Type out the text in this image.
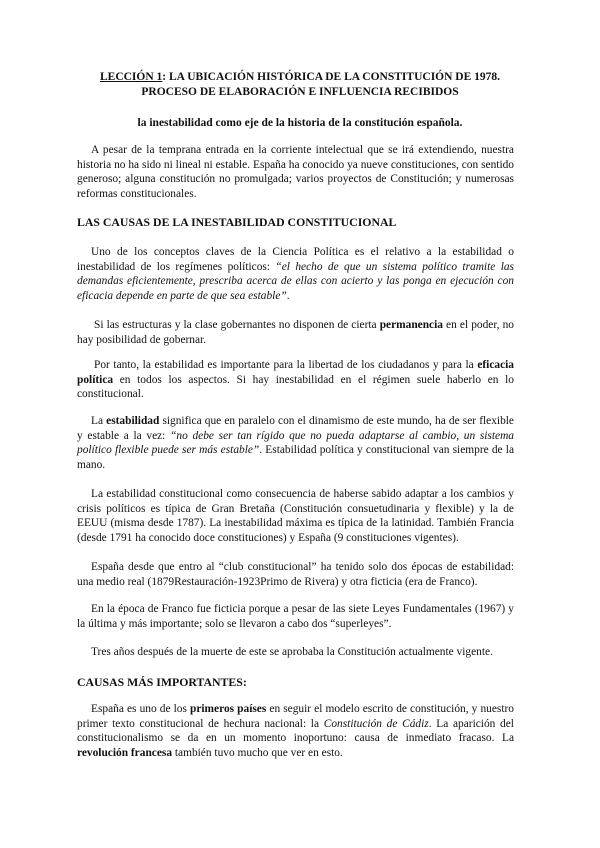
LECCIÓN 1: LA UBICACIÓN HISTÓRICA DE LA CONSTITUCIÓN DE 1978.
PROCESO DE ELABORACIÓN E INFLUENCIA RECIBIDOS
la inestabilidad como eje de la historia de la constitución española.

A pesar de la temprana entrada en la corriente intelectual que se irá extendiendo, nuestra historia no ha sido ni lineal ni estable. España ha conocido ya nueve constituciones, con sentido generoso; alguna constitución no promulgada; varios proyectos de Constitución; y numerosas reformas constitucionales.

LAS CAUSAS DE LA INESTABILIDAD CONSTITUCIONAL

Uno de los conceptos claves de la Ciencia Política es el relativo a la estabilidad o inestabilidad de los regímenes políticos: “el hecho de que un sistema político tramite las demandas eficientemente, prescriba acerca de ellas con acierto y las ponga en ejecución con eficacia depende en parte de que sea estable”.

Si las estructuras y la clase gobernantes no disponen de cierta permanencia en el poder, no hay posibilidad de gobernar.

Por tanto, la estabilidad es importante para la libertad de los ciudadanos y para la eficacia política en todos los aspectos. Si hay inestabilidad en el régimen suele haberlo en lo constitucional.

La estabilidad significa que en paralelo con el dinamismo de este mundo, ha de ser flexible y estable a la vez: “no debe ser tan rígido que no pueda adaptarse al cambio, un sistema político flexible puede ser más estable”. Estabilidad política y constitucional van siempre de la mano.

La estabilidad constitucional como consecuencia de haberse sabido adaptar a los cambios y crisis políticos es típica de Gran Bretaña (Constitución consuetudinaria y flexible) y la de EEUU (misma desde 1787). La inestabilidad máxima es típica de la latinidad. También Francia (desde 1791 ha conocido doce constituciones) y España (9 constituciones vigentes).

España desde que entro al “club constitucional” ha tenido solo dos épocas de estabilidad: una medio real (1879Restauración-1923Primo de Rivera) y otra ficticia (era de Franco).

En la época de Franco fue ficticia porque a pesar de las siete Leyes Fundamentales (1967) y la última y más importante; solo se llevaron a cabo dos “superleyes”.

Tres años después de la muerte de este se aprobaba la Constitución actualmente vigente.

CAUSAS MÁS IMPORTANTES:

España es uno de los primeros países en seguir el modelo escrito de constitución, y nuestro primer texto constitucional de hechura nacional: la Constitución de Cádiz. La aparición del constitucionalismo se da en un momento inoportuno: causa de inmediato fracaso. La revolución francesa también tuvo mucho que ver en esto.
